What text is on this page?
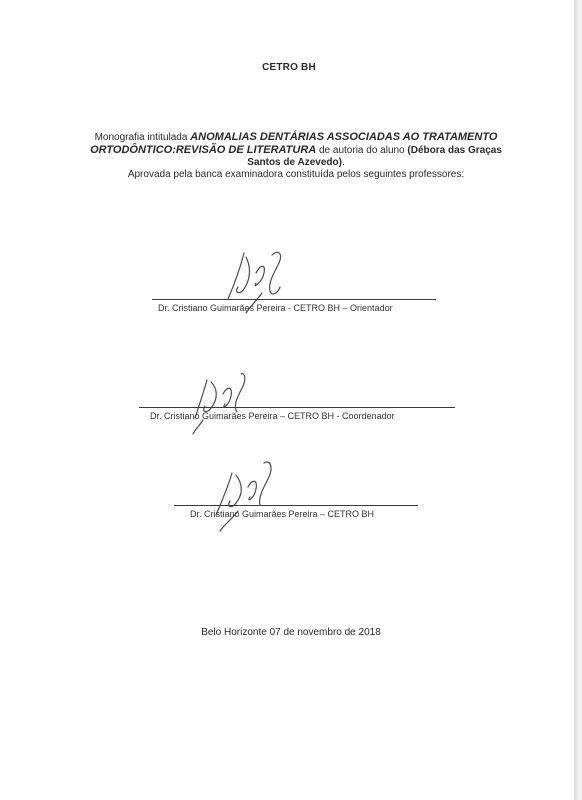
CETRO BH
Monografia intitulada ANOMALIAS DENTÁRIAS ASSOCIADAS AO TRATAMENTO ORTODÔNTICO:REVISÃO DE LITERATURA de autoria do aluno (Débora das Graças Santos de Azevedo).
Aprovada pela banca examinadora constituída pelos seguintes professores:
Dr. Cristiano Guimarães Pereira - CETRO BH – Orientador
Dr. Cristiano Guimarães Pereira – CETRO BH - Coordenador
Dr. Cristiano Guimarães Pereira – CETRO BH
Belo Horizonte 07 de novembro de 2018
